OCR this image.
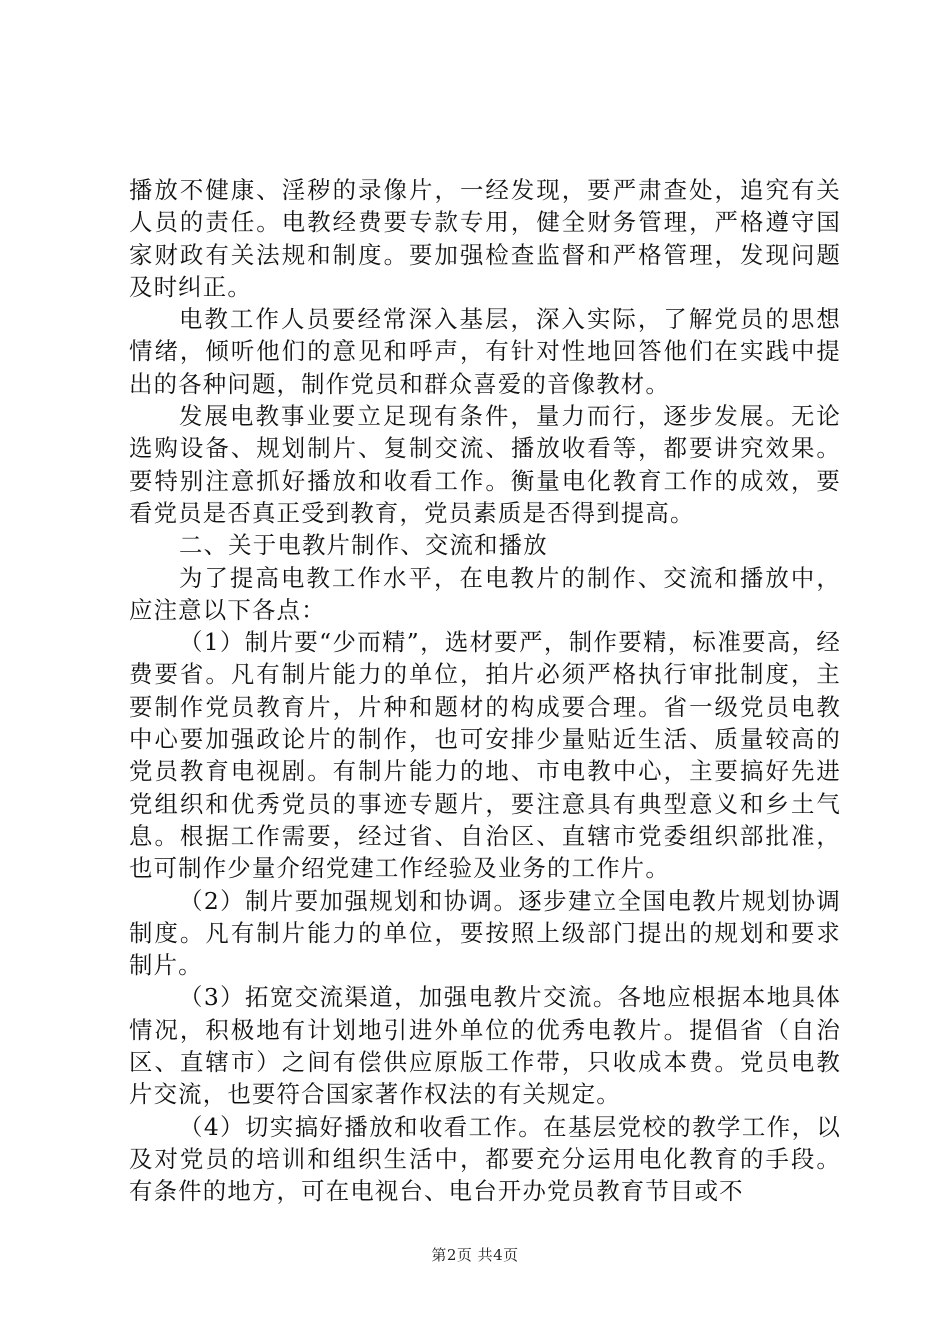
播放不健康、淫秽的录像片，一经发现，要严肃查处，追究有关人员的责任。电教经费要专款专用，健全财务管理，严格遵守国家财政有关法规和制度。要加强检查监督和严格管理，发现问题及时纠正。

电教工作人员要经常深入基层，深入实际，了解党员的思想情绪，倾听他们的意见和呼声，有针对性地回答他们在实践中提出的各种问题，制作党员和群众喜爱的音像教材。

发展电教事业要立足现有条件，量力而行，逐步发展。无论选购设备、规划制片、复制交流、播放收看等，都要讲究效果。要特别注意抓好播放和收看工作。衡量电化教育工作的成效，要看党员是否真正受到教育，党员素质是否得到提高。

二、关于电教片制作、交流和播放

为了提高电教工作水平，在电教片的制作、交流和播放中，应注意以下各点：

（1）制片要“少而精”，选材要严，制作要精，标准要高，经费要省。凡有制片能力的单位，拍片必须严格执行审批制度，主要制作党员教育片，片种和题材的构成要合理。省一级党员电教中心要加强政论片的制作，也可安排少量贴近生活、质量较高的党员教育电视剧。有制片能力的地、市电教中心，主要搞好先进党组织和优秀党员的事迹专题片，要注意具有典型意义和乡土气息。根据工作需要，经过省、自治区、直辖市党委组织部批准，也可制作少量介绍党建工作经验及业务的工作片。

（2）制片要加强规划和协调。逐步建立全国电教片规划协调制度。凡有制片能力的单位，要按照上级部门提出的规划和要求制片。

（3）拓宽交流渠道，加强电教片交流。各地应根据本地具体情况，积极地有计划地引进外单位的优秀电教片。提倡省（自治区、直辖市）之间有偿供应原版工作带，只收成本费。党员电教片交流，也要符合国家著作权法的有关规定。

（4）切实搞好播放和收看工作。在基层党校的教学工作，以及对党员的培训和组织生活中，都要充分运用电化教育的手段。有条件的地方，可在电视台、电台开办党员教育节目或不

第2页 共4页
